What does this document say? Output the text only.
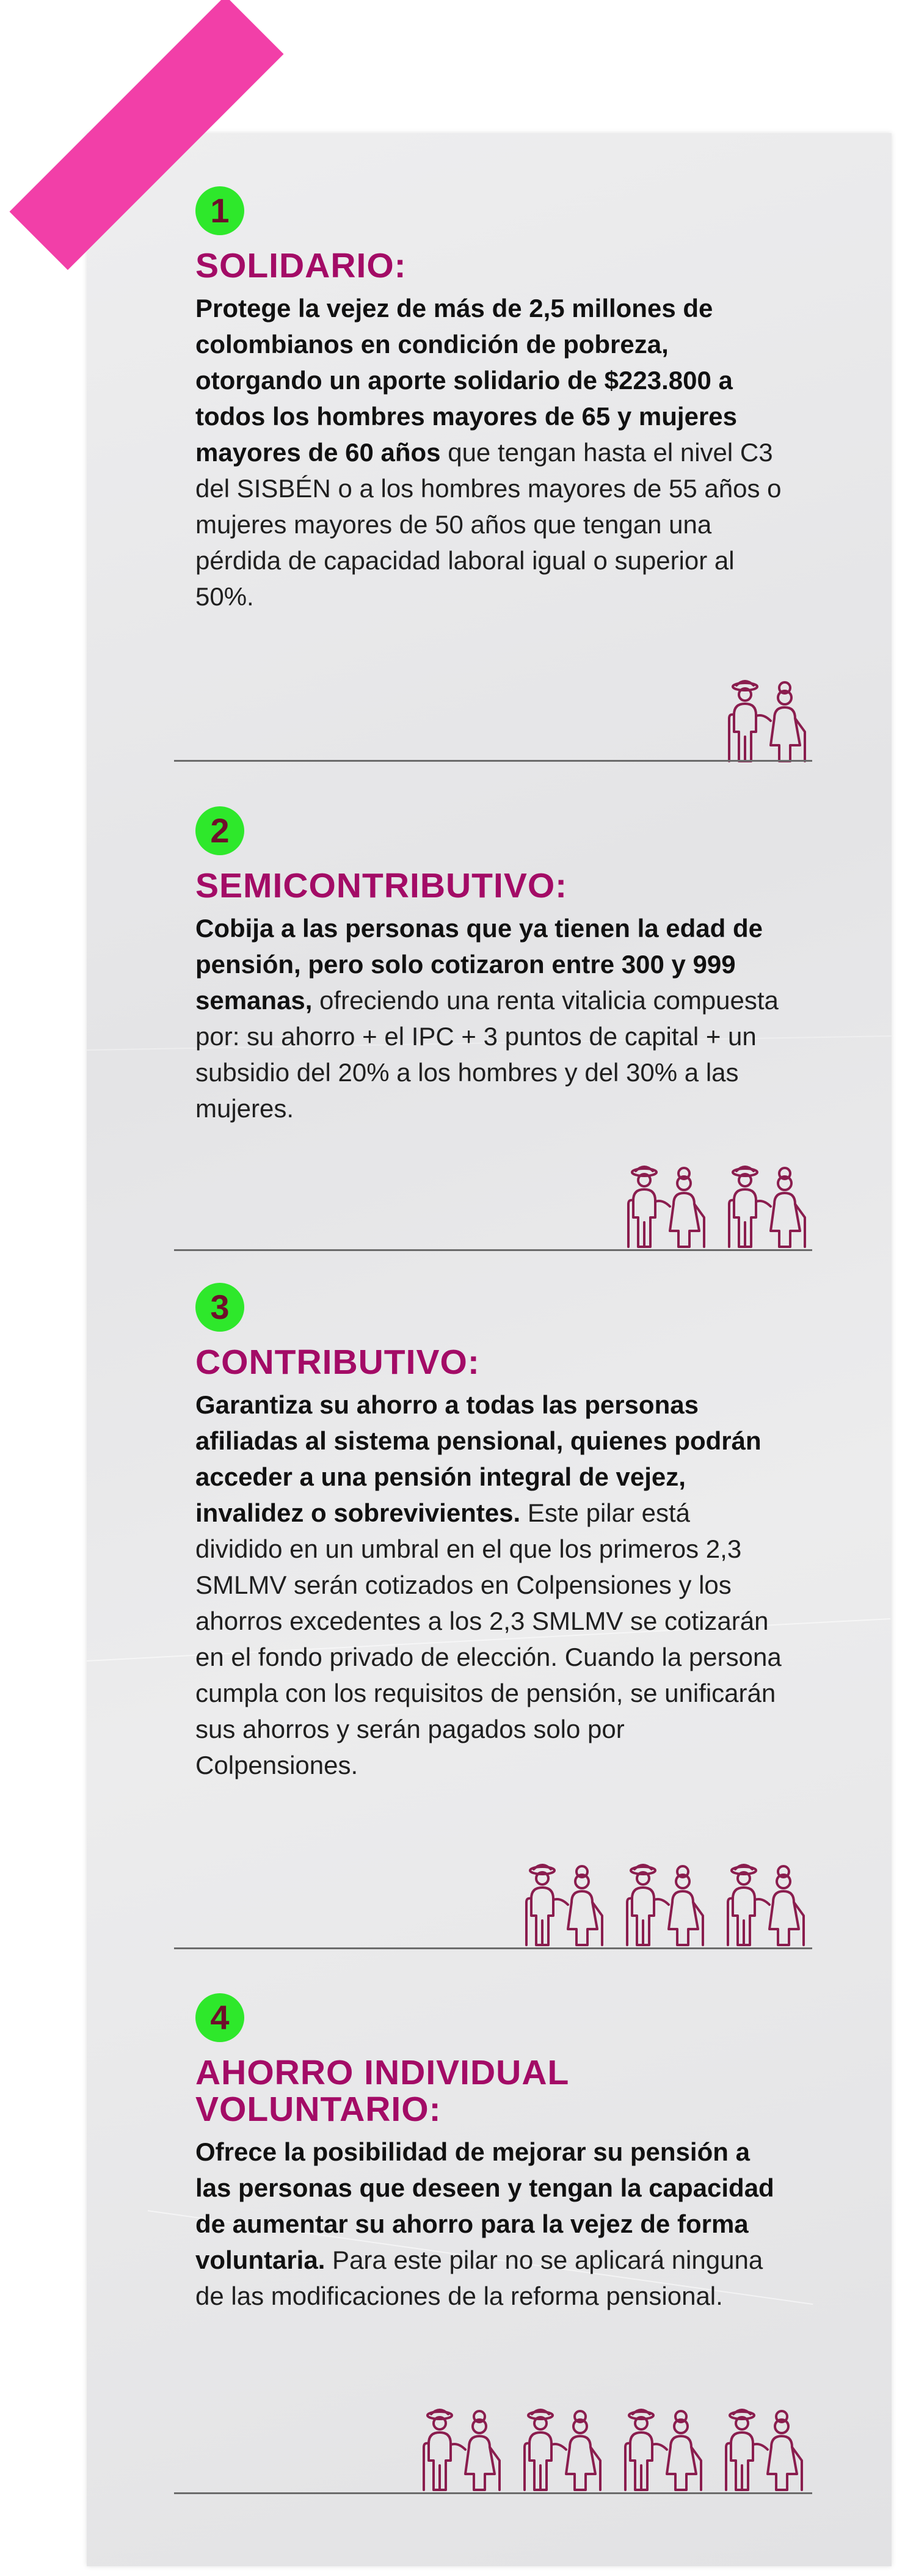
1
SOLIDARIO:
Protege la vejez de más de 2,5 millones de colombianos en condición de pobreza, otorgando un aporte solidario de $223.800 a todos los hombres mayores de 65 y mujeres mayores de 60 años que tengan hasta el nivel C3 del SISBÉN o a los hombres mayores de 55 años o mujeres mayores de 50 años que tengan una pérdida de capacidad laboral igual o superior al 50%.
2
SEMICONTRIBUTIVO:
Cobija a las personas que ya tienen la edad de pensión, pero solo cotizaron entre 300 y 999 semanas, ofreciendo una renta vitalicia compuesta por: su ahorro + el IPC + 3 puntos de capital + un subsidio del 20% a los hombres y del 30% a las mujeres.
3
CONTRIBUTIVO:
Garantiza su ahorro a todas las personas afiliadas al sistema pensional, quienes podrán acceder a una pensión integral de vejez, invalidez o sobrevivientes. Este pilar está dividido en un umbral en el que los primeros 2,3 SMLMV serán cotizados en Colpensiones y los ahorros excedentes a los 2,3 SMLMV se cotizarán en el fondo privado de elección. Cuando la persona cumpla con los requisitos de pensión, se unificarán sus ahorros y serán pagados solo por Colpensiones.
4
AHORRO INDIVIDUAL
VOLUNTARIO:
Ofrece la posibilidad de mejorar su pensión a las personas que deseen y tengan la capacidad de aumentar su ahorro para la vejez de forma voluntaria. Para este pilar no se aplicará ninguna de las modificaciones de la reforma pensional.
